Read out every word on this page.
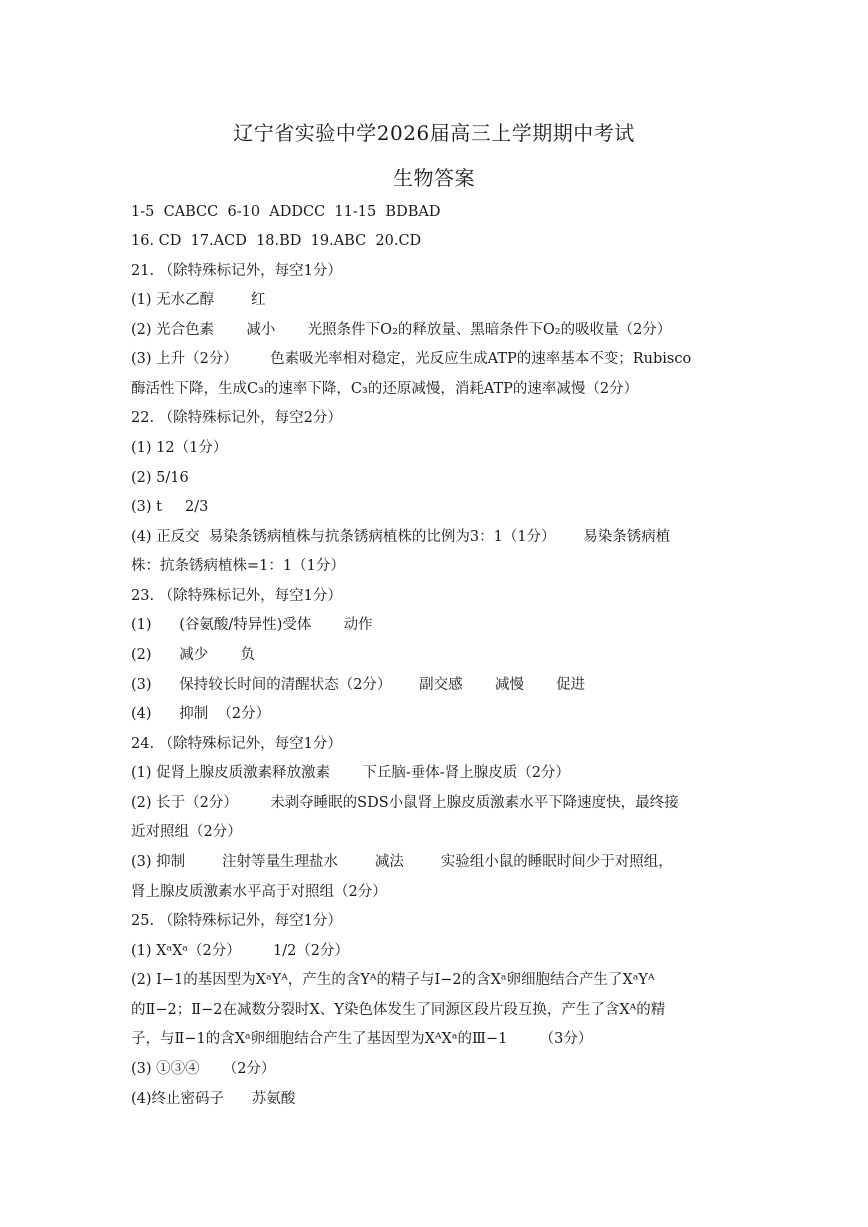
辽宁省实验中学2026届高三上学期期中考试
生物答案
1-5  CABCC  6-10  ADDCC  11-15  BDBAD
16. CD  17.ACD  18.BD  19.ABC  20.CD
21. （除特殊标记外，每空1分）
(1) 无水乙醇        红
(2) 光合色素       减小       光照条件下O₂的释放量、黑暗条件下O₂的吸收量（2分）
(3) 上升（2分）       色素吸光率相对稳定，光反应生成ATP的速率基本不变；Rubisco
酶活性下降，生成C₃的速率下降，C₃的还原减慢，消耗ATP的速率减慢（2分）
22. （除特殊标记外，每空2分）
(1) 12（1分）
(2) 5/16
(3) t     2/3
(4) 正反交  易染条锈病植株与抗条锈病植株的比例为3：1（1分）      易染条锈病植
株：抗条锈病植株=1：1（1分）
23. （除特殊标记外，每空1分）
(1)      (谷氨酸/特异性)受体       动作
(2)      减少       负
(3)      保持较长时间的清醒状态（2分）      副交感       减慢       促进
(4)      抑制  （2分）
24. （除特殊标记外，每空1分）
(1) 促肾上腺皮质激素释放激素       下丘脑-垂体-肾上腺皮质（2分）
(2) 长于（2分）       未剥夺睡眠的SDS小鼠肾上腺皮质激素水平下降速度快，最终接
近对照组（2分）
(3) 抑制        注射等量生理盐水        减法        实验组小鼠的睡眠时间少于对照组，
肾上腺皮质激素水平高于对照组（2分）
25. （除特殊标记外，每空1分）
(1) XᵃXᵃ（2分）       1/2（2分）
(2) Ⅰ−1的基因型为XᵃYᴬ，产生的含Yᴬ的精子与Ⅰ−2的含Xᵃ卵细胞结合产生了XᵃYᴬ
的Ⅱ−2；Ⅱ−2在减数分裂时X、Y染色体发生了同源区段片段互换，产生了含Xᴬ的精
子，与Ⅱ−1的含Xᵃ卵细胞结合产生了基因型为XᴬXᵃ的Ⅲ−1       （3分）
(3) ①③④     （2分）
(4)终止密码子      苏氨酸
